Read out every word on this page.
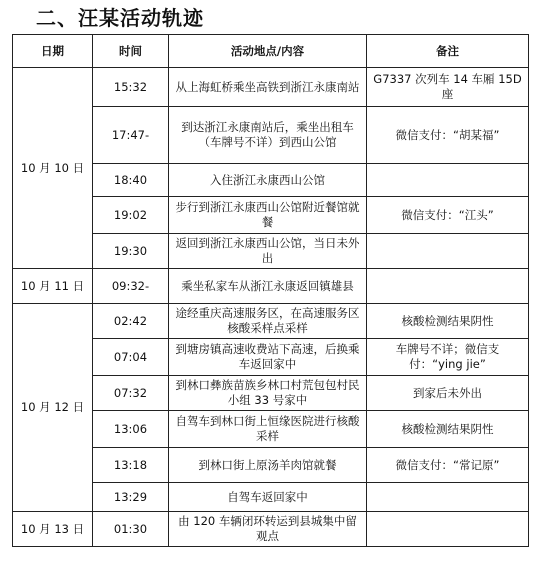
二、汪某活动轨迹
日期	时间	活动地点/内容	备注
10 月 10 日	15:32	从上海虹桥乘坐高铁到浙江永康南站	G7337 次列车 14 车厢 15D 座
	17:47-	到达浙江永康南站后，乘坐出租车（车牌号不详）到西山公馆	微信支付：“胡某福”
	18:40	入住浙江永康西山公馆	
	19:02	步行到浙江永康西山公馆附近餐馆就餐	微信支付：“江头”
	19:30	返回到浙江永康西山公馆，当日未外出	
10 月 11 日	09:32-	乘坐私家车从浙江永康返回镇雄县	
10 月 12 日	02:42	途经重庆高速服务区，在高速服务区核酸采样点采样	核酸检测结果阴性
	07:04	到塘房镇高速收费站下高速，后换乘车返回家中	车牌号不详；微信支付：“ying jie”
	07:32	到林口彝族苗族乡林口村荒包包村民小组 33 号家中	到家后未外出
	13:06	自驾车到林口街上恒缘医院进行核酸采样	核酸检测结果阴性
	13:18	到林口街上原汤羊肉馆就餐	微信支付：“常记原”
	13:29	自驾车返回家中	
10 月 13 日	01:30	由 120 车辆闭环转运到县城集中留观点	
